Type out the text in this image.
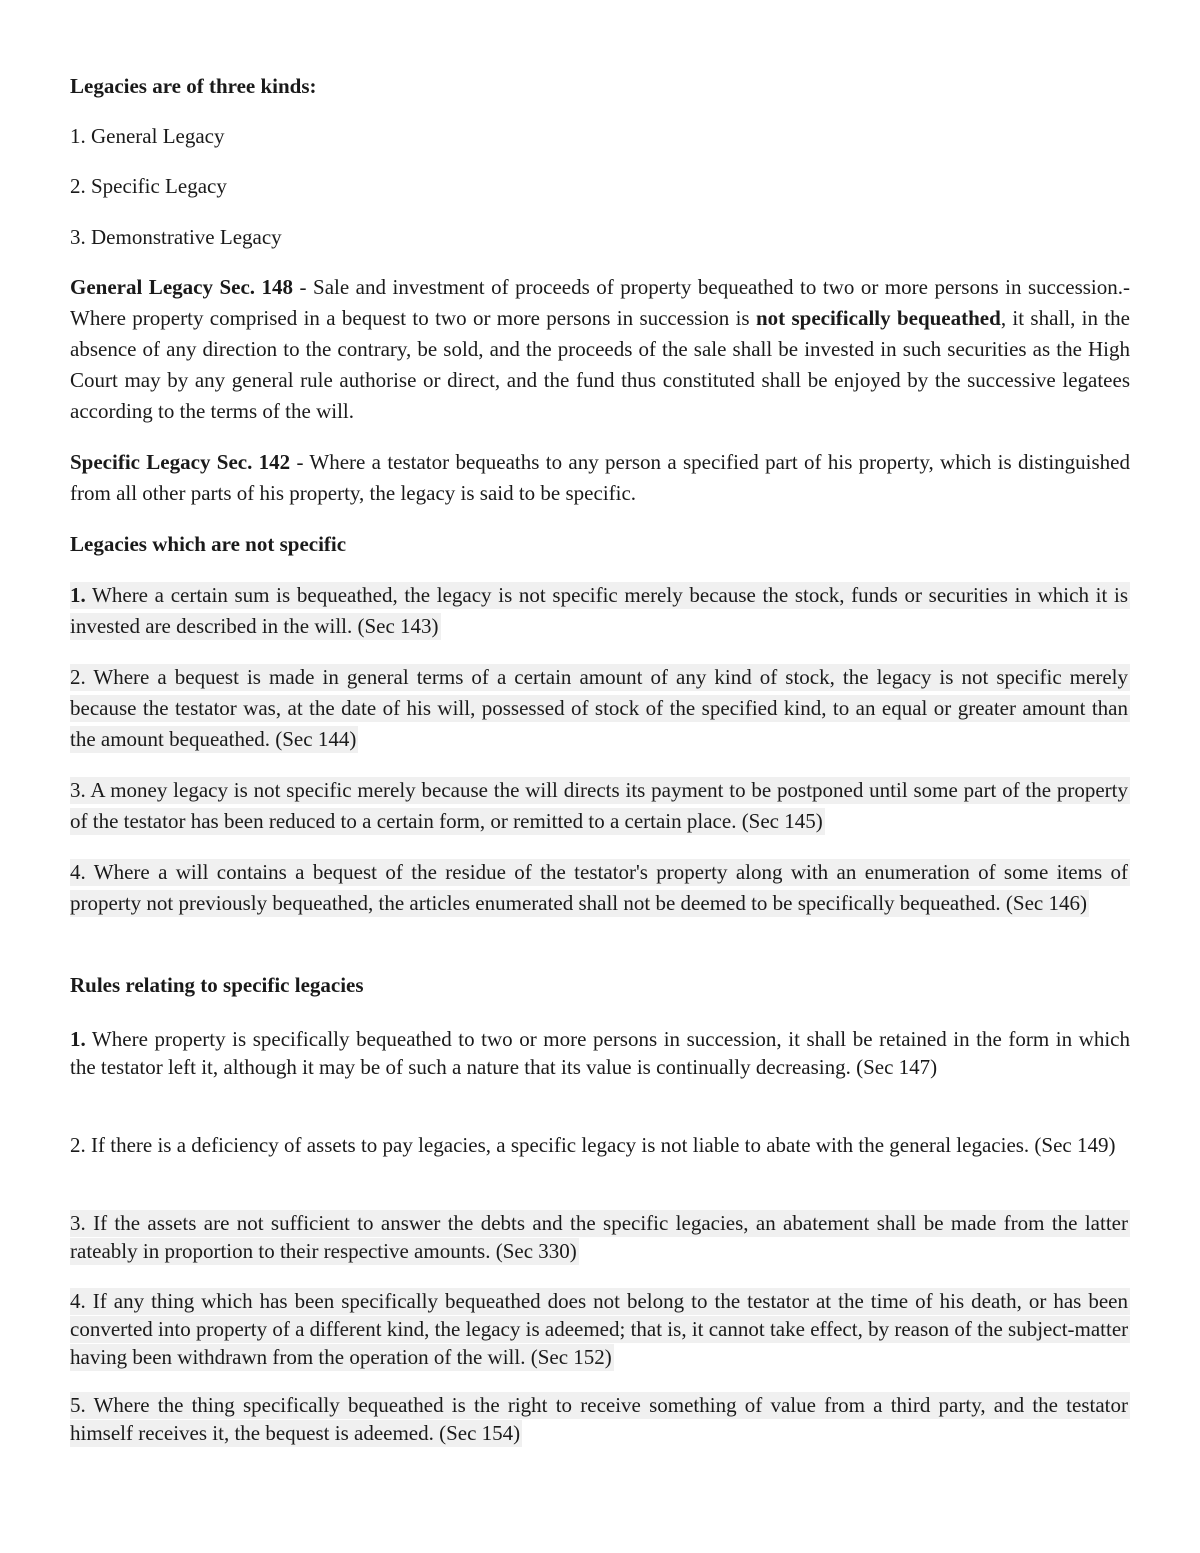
Legacies are of three kinds:

1. General Legacy

2. Specific Legacy

3. Demonstrative Legacy

General Legacy Sec. 148 - Sale and investment of proceeds of property bequeathed to two or more persons in succession.-Where property comprised in a bequest to two or more persons in succession is not specifically bequeathed, it shall, in the absence of any direction to the contrary, be sold, and the proceeds of the sale shall be invested in such securities as the High Court may by any general rule authorise or direct, and the fund thus constituted shall be enjoyed by the successive legatees according to the terms of the will.

Specific Legacy Sec. 142 - Where a testator bequeaths to any person a specified part of his property, which is distinguished from all other parts of his property, the legacy is said to be specific.

Legacies which are not specific

1. Where a certain sum is bequeathed, the legacy is not specific merely because the stock, funds or securities in which it is invested are described in the will. (Sec 143)

2. Where a bequest is made in general terms of a certain amount of any kind of stock, the legacy is not specific merely because the testator was, at the date of his will, possessed of stock of the specified kind, to an equal or greater amount than the amount bequeathed. (Sec 144)

3. A money legacy is not specific merely because the will directs its payment to be postponed until some part of the property of the testator has been reduced to a certain form, or remitted to a certain place. (Sec 145)

4. Where a will contains a bequest of the residue of the testator's property along with an enumeration of some items of property not previously bequeathed, the articles enumerated shall not be deemed to be specifically bequeathed. (Sec 146)

Rules relating to specific legacies

1. Where property is specifically bequeathed to two or more persons in succession, it shall be retained in the form in which the testator left it, although it may be of such a nature that its value is continually decreasing. (Sec 147)

2. If there is a deficiency of assets to pay legacies, a specific legacy is not liable to abate with the general legacies. (Sec 149)

3. If the assets are not sufficient to answer the debts and the specific legacies, an abatement shall be made from the latter rateably in proportion to their respective amounts. (Sec 330)

4. If any thing which has been specifically bequeathed does not belong to the testator at the time of his death, or has been converted into property of a different kind, the legacy is adeemed; that is, it cannot take effect, by reason of the subject-matter having been withdrawn from the operation of the will. (Sec 152)

5. Where the thing specifically bequeathed is the right to receive something of value from a third party, and the testator himself receives it, the bequest is adeemed. (Sec 154)
